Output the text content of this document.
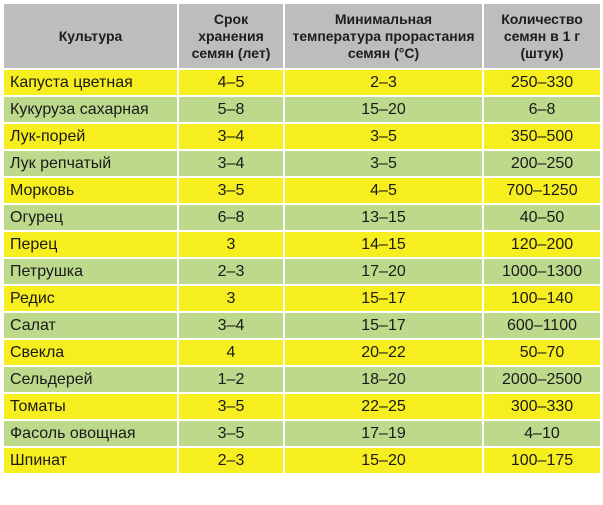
Культура	Срок хранения семян (лет)	Минимальная температура прорастания семян (°С)	Количество семян в 1 г (штук)
Капуста цветная	4–5	2–3	250–330
Кукуруза сахарная	5–8	15–20	6–8
Лук-порей	3–4	3–5	350–500
Лук репчатый	3–4	3–5	200–250
Морковь	3–5	4–5	700–1250
Огурец	6–8	13–15	40–50
Перец	3	14–15	120–200
Петрушка	2–3	17–20	1000–1300
Редис	3	15–17	100–140
Салат	3–4	15–17	600–1100
Свекла	4	20–22	50–70
Сельдерей	1–2	18–20	2000–2500
Томаты	3–5	22–25	300–330
Фасоль овощная	3–5	17–19	4–10
Шпинат	2–3	15–20	100–175
